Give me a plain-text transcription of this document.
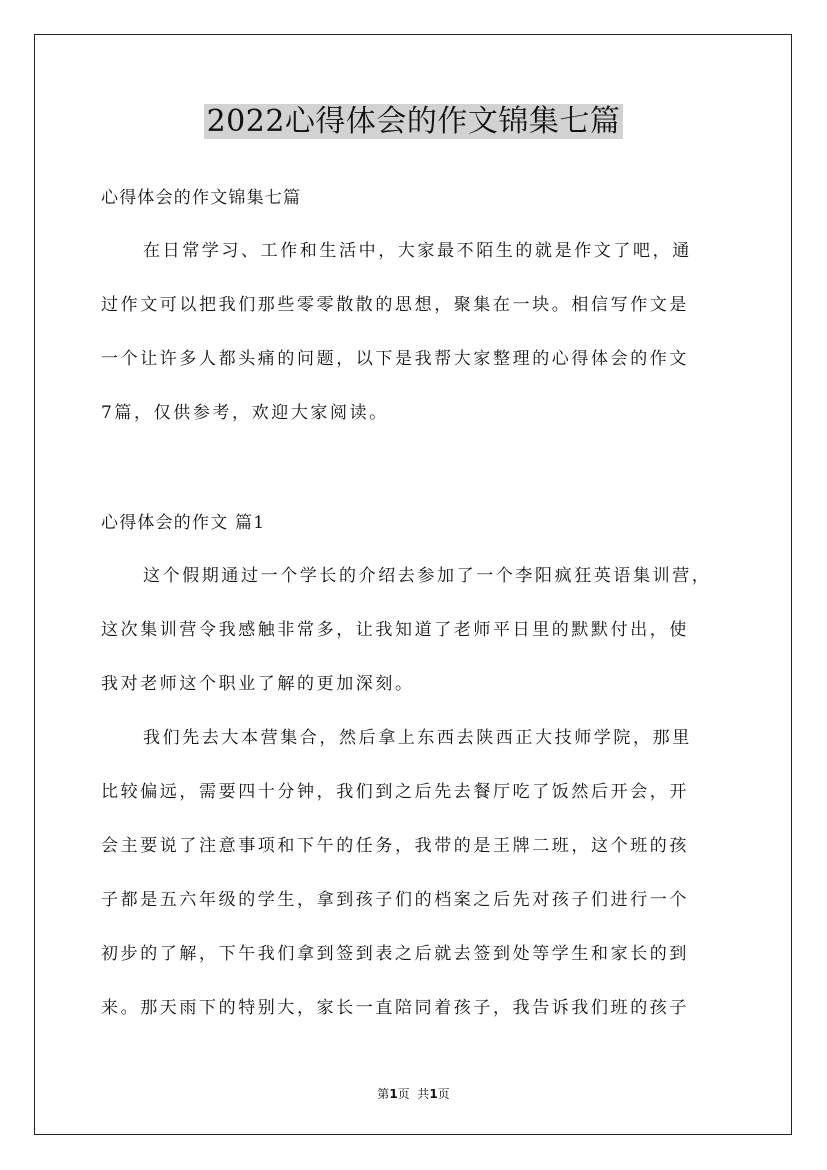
2022心得体会的作文锦集七篇
心得体会的作文锦集七篇
在日常学习、工作和生活中，大家最不陌生的就是作文了吧，通
过作文可以把我们那些零零散散的思想，聚集在一块。相信写作文是
一个让许多人都头痛的问题，以下是我帮大家整理的心得体会的作文
7篇，仅供参考，欢迎大家阅读。
心得体会的作文 篇1
这个假期通过一个学长的介绍去参加了一个李阳疯狂英语集训营，
这次集训营令我感触非常多，让我知道了老师平日里的默默付出，使
我对老师这个职业了解的更加深刻。
我们先去大本营集合，然后拿上东西去陕西正大技师学院，那里
比较偏远，需要四十分钟，我们到之后先去餐厅吃了饭然后开会，开
会主要说了注意事项和下午的任务，我带的是王牌二班，这个班的孩
子都是五六年级的学生，拿到孩子们的档案之后先对孩子们进行一个
初步的了解，下午我们拿到签到表之后就去签到处等学生和家长的到
来。那天雨下的特别大，家长一直陪同着孩子，我告诉我们班的孩子
第1页  共1页
